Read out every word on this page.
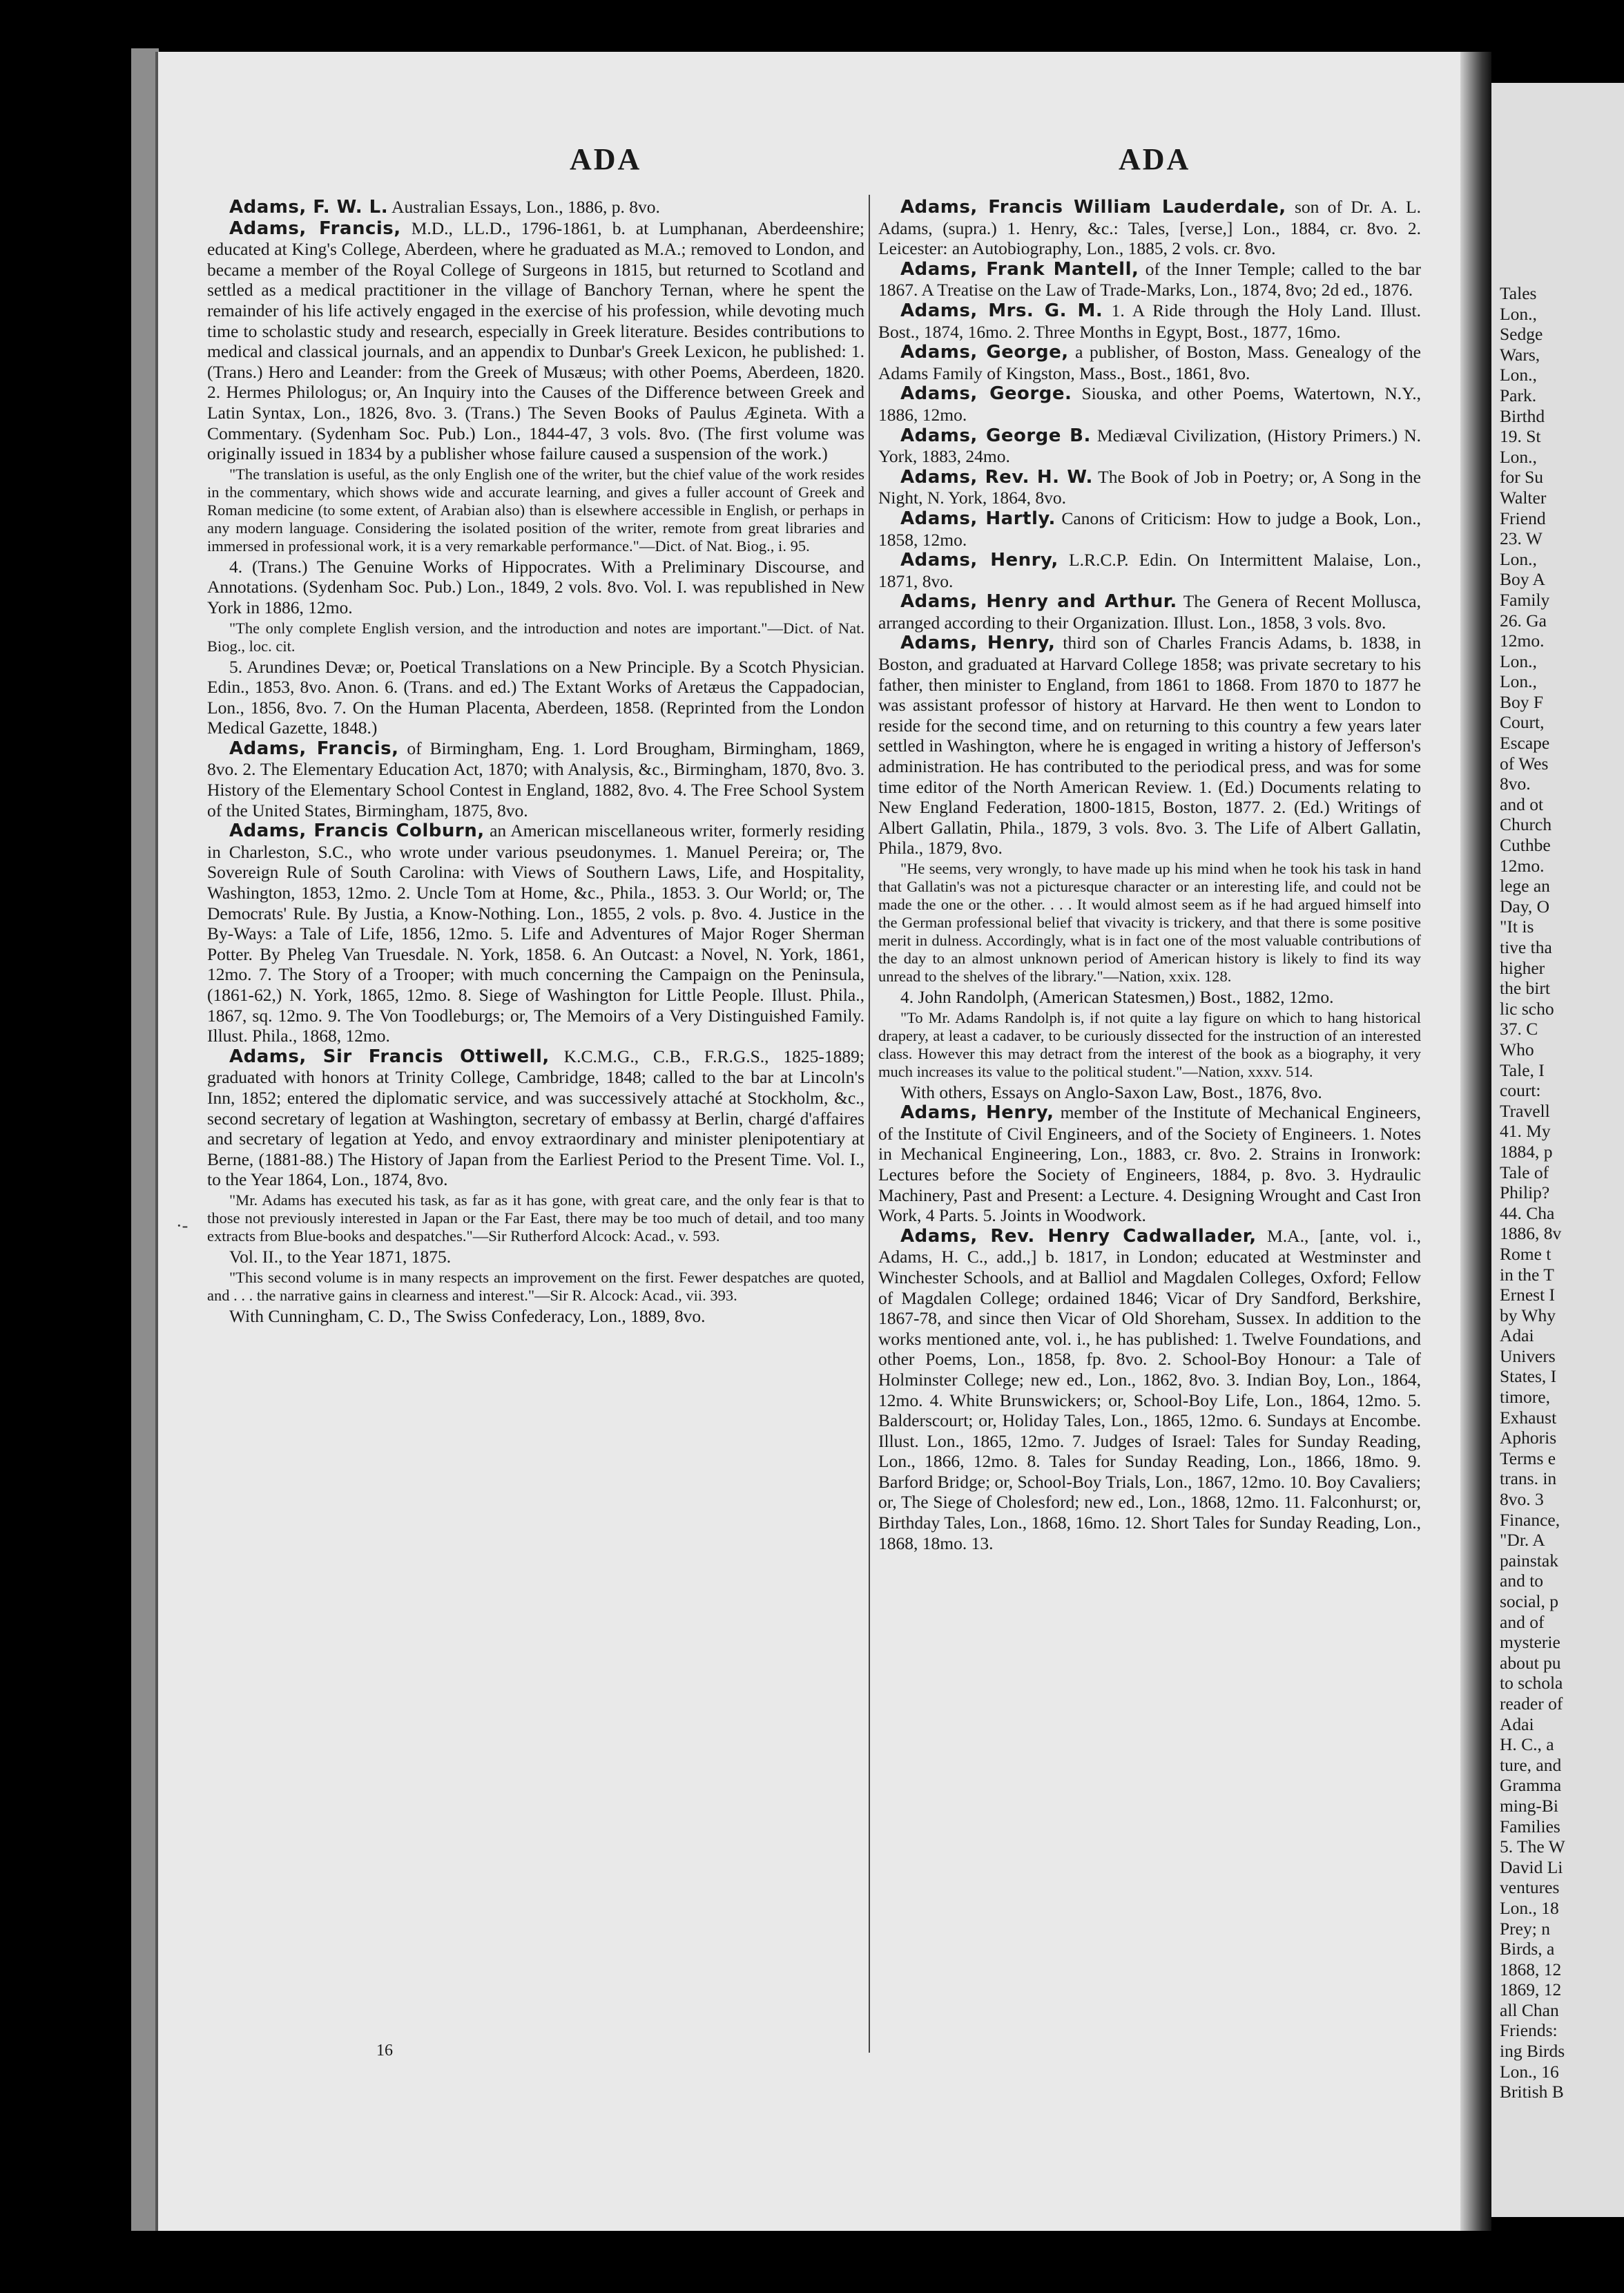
Tales
Lon.,
Sedge
Wars,
Lon.,
Park.
Birthd
19. St
Lon.,
for Su
Walter
Friend
23. W
Lon.,
Boy A
Family
26. Ga
12mo.
Lon.,
Lon.,
Boy F
Court,
Escape
of Wes
8vo.
and ot
Church
Cuthbe
12mo.
lege an
Day, O
"It is
tive tha
higher
the birt
lic scho
37. C
Who
Tale, I
court:
Travell
41. My
1884, p
Tale of
Philip?
44. Cha
1886, 8v
Rome t
in the T
Ernest I
by Why
Adai
Univers
States, I
timore,
Exhaust
Aphoris
Terms e
trans. in
8vo. 3
Finance,
"Dr. A
painstak
and to
social, p
and of
mysterie
about pu
to schola
reader of
Adai
H. C., a
ture, and
Gramma
ming-Bi
Families
5. The W
David Li
ventures
Lon., 18
Prey; n
Birds, a
1868, 12
1869, 12
all Chan
Friends:
ing Birds
Lon., 16
British B
ADA	ADA

Adams, F. W. L. Australian Essays, Lon., 1886, p. 8vo.

Adams, Francis, M.D., LL.D., 1796-1861, b. at Lumphanan, Aberdeenshire; educated at King's College, Aberdeen, where he graduated as M.A.; removed to London, and became a member of the Royal College of Surgeons in 1815, but returned to Scotland and settled as a medical practitioner in the village of Banchory Ternan, where he spent the remainder of his life actively engaged in the exercise of his profession, while devoting much time to scholastic study and research, especially in Greek literature. Besides contributions to medical and classical journals, and an appendix to Dunbar's Greek Lexicon, he published: 1. (Trans.) Hero and Leander: from the Greek of Musæus; with other Poems, Aberdeen, 1820. 2. Hermes Philologus; or, An Inquiry into the Causes of the Difference between Greek and Latin Syntax, Lon., 1826, 8vo. 3. (Trans.) The Seven Books of Paulus Ægineta. With a Commentary. (Sydenham Soc. Pub.) Lon., 1844-47, 3 vols. 8vo. (The first volume was originally issued in 1834 by a publisher whose failure caused a suspension of the work.)

"The translation is useful, as the only English one of the writer, but the chief value of the work resides in the commentary, which shows wide and accurate learning, and gives a fuller account of Greek and Roman medicine (to some extent, of Arabian also) than is elsewhere accessible in English, or perhaps in any modern language. Considering the isolated position of the writer, remote from great libraries and immersed in professional work, it is a very remarkable performance."—Dict. of Nat. Biog., i. 95.

4. (Trans.) The Genuine Works of Hippocrates. With a Preliminary Discourse, and Annotations. (Sydenham Soc. Pub.) Lon., 1849, 2 vols. 8vo. Vol. I. was republished in New York in 1886, 12mo.

"The only complete English version, and the introduction and notes are important."—Dict. of Nat. Biog., loc. cit.

5. Arundines Devæ; or, Poetical Translations on a New Principle. By a Scotch Physician. Edin., 1853, 8vo. Anon. 6. (Trans. and ed.) The Extant Works of Aretæus the Cappadocian, Lon., 1856, 8vo. 7. On the Human Placenta, Aberdeen, 1858. (Reprinted from the London Medical Gazette, 1848.)

Adams, Francis, of Birmingham, Eng. 1. Lord Brougham, Birmingham, 1869, 8vo. 2. The Elementary Education Act, 1870; with Analysis, &c., Birmingham, 1870, 8vo. 3. History of the Elementary School Contest in England, 1882, 8vo. 4. The Free School System of the United States, Birmingham, 1875, 8vo.

Adams, Francis Colburn, an American miscellaneous writer, formerly residing in Charleston, S.C., who wrote under various pseudonymes. 1. Manuel Pereira; or, The Sovereign Rule of South Carolina: with Views of Southern Laws, Life, and Hospitality, Washington, 1853, 12mo. 2. Uncle Tom at Home, &c., Phila., 1853. 3. Our World; or, The Democrats' Rule. By Justia, a Know-Nothing. Lon., 1855, 2 vols. p. 8vo. 4. Justice in the By-Ways: a Tale of Life, 1856, 12mo. 5. Life and Adventures of Major Roger Sherman Potter. By Pheleg Van Truesdale. N. York, 1858. 6. An Outcast: a Novel, N. York, 1861, 12mo. 7. The Story of a Trooper; with much concerning the Campaign on the Peninsula, (1861-62,) N. York, 1865, 12mo. 8. Siege of Washington for Little People. Illust. Phila., 1867, sq. 12mo. 9. The Von Toodleburgs; or, The Memoirs of a Very Distinguished Family. Illust. Phila., 1868, 12mo.

Adams, Sir Francis Ottiwell, K.C.M.G., C.B., F.R.G.S., 1825-1889; graduated with honors at Trinity College, Cambridge, 1848; called to the bar at Lincoln's Inn, 1852; entered the diplomatic service, and was successively attaché at Stockholm, &c., second secretary of legation at Washington, secretary of embassy at Berlin, chargé d'affaires and secretary of legation at Yedo, and envoy extraordinary and minister plenipotentiary at Berne, (1881-88.) The History of Japan from the Earliest Period to the Present Time. Vol. I., to the Year 1864, Lon., 1874, 8vo.

"Mr. Adams has executed his task, as far as it has gone, with great care, and the only fear is that to those not previously interested in Japan or the Far East, there may be too much of detail, and too many extracts from Blue-books and despatches."—Sir Rutherford Alcock: Acad., v. 593.

Vol. II., to the Year 1871, 1875.

"This second volume is in many respects an improvement on the first. Fewer despatches are quoted, and . . . the narrative gains in clearness and interest."—Sir R. Alcock: Acad., vii. 393.

With Cunningham, C. D., The Swiss Confederacy, Lon., 1889, 8vo.

Adams, Francis William Lauderdale, son of Dr. A. L. Adams, (supra.) 1. Henry, &c.: Tales, [verse,] Lon., 1884, cr. 8vo. 2. Leicester: an Autobiography, Lon., 1885, 2 vols. cr. 8vo.

Adams, Frank Mantell, of the Inner Temple; called to the bar 1867. A Treatise on the Law of Trade-Marks, Lon., 1874, 8vo; 2d ed., 1876.

Adams, Mrs. G. M. 1. A Ride through the Holy Land. Illust. Bost., 1874, 16mo. 2. Three Months in Egypt, Bost., 1877, 16mo.

Adams, George, a publisher, of Boston, Mass. Genealogy of the Adams Family of Kingston, Mass., Bost., 1861, 8vo.

Adams, George. Siouska, and other Poems, Watertown, N.Y., 1886, 12mo.

Adams, George B. Mediæval Civilization, (History Primers.) N. York, 1883, 24mo.

Adams, Rev. H. W. The Book of Job in Poetry; or, A Song in the Night, N. York, 1864, 8vo.

Adams, Hartly. Canons of Criticism: How to judge a Book, Lon., 1858, 12mo.

Adams, Henry, L.R.C.P. Edin. On Intermittent Malaise, Lon., 1871, 8vo.

Adams, Henry and Arthur. The Genera of Recent Mollusca, arranged according to their Organization. Illust. Lon., 1858, 3 vols. 8vo.

Adams, Henry, third son of Charles Francis Adams, b. 1838, in Boston, and graduated at Harvard College 1858; was private secretary to his father, then minister to England, from 1861 to 1868. From 1870 to 1877 he was assistant professor of history at Harvard. He then went to London to reside for the second time, and on returning to this country a few years later settled in Washington, where he is engaged in writing a history of Jefferson's administration. He has contributed to the periodical press, and was for some time editor of the North American Review. 1. (Ed.) Documents relating to New England Federation, 1800-1815, Boston, 1877. 2. (Ed.) Writings of Albert Gallatin, Phila., 1879, 3 vols. 8vo. 3. The Life of Albert Gallatin, Phila., 1879, 8vo.

"He seems, very wrongly, to have made up his mind when he took his task in hand that Gallatin's was not a picturesque character or an interesting life, and could not be made the one or the other. . . . It would almost seem as if he had argued himself into the German professional belief that vivacity is trickery, and that there is some positive merit in dulness. Accordingly, what is in fact one of the most valuable contributions of the day to an almost unknown period of American history is likely to find its way unread to the shelves of the library."—Nation, xxix. 128.

4. John Randolph, (American Statesmen,) Bost., 1882, 12mo.

"To Mr. Adams Randolph is, if not quite a lay figure on which to hang historical drapery, at least a cadaver, to be curiously dissected for the instruction of an interested class. However this may detract from the interest of the book as a biography, it very much increases its value to the political student."—Nation, xxxv. 514.

With others, Essays on Anglo-Saxon Law, Bost., 1876, 8vo.

Adams, Henry, member of the Institute of Mechanical Engineers, of the Institute of Civil Engineers, and of the Society of Engineers. 1. Notes in Mechanical Engineering, Lon., 1883, cr. 8vo. 2. Strains in Ironwork: Lectures before the Society of Engineers, 1884, p. 8vo. 3. Hydraulic Machinery, Past and Present: a Lecture. 4. Designing Wrought and Cast Iron Work, 4 Parts. 5. Joints in Woodwork.

Adams, Rev. Henry Cadwallader, M.A., [ante, vol. i., Adams, H. C., add.,] b. 1817, in London; educated at Westminster and Winchester Schools, and at Balliol and Magdalen Colleges, Oxford; Fellow of Magdalen College; ordained 1846; Vicar of Dry Sandford, Berkshire, 1867-78, and since then Vicar of Old Shoreham, Sussex. In addition to the works mentioned ante, vol. i., he has published: 1. Twelve Foundations, and other Poems, Lon., 1858, fp. 8vo. 2. School-Boy Honour: a Tale of Holminster College; new ed., Lon., 1862, 8vo. 3. Indian Boy, Lon., 1864, 12mo. 4. White Brunswickers; or, School-Boy Life, Lon., 1864, 12mo. 5. Balderscourt; or, Holiday Tales, Lon., 1865, 12mo. 6. Sundays at Encombe. Illust. Lon., 1865, 12mo. 7. Judges of Israel: Tales for Sunday Reading, Lon., 1866, 12mo. 8. Tales for Sunday Reading, Lon., 1866, 18mo. 9. Barford Bridge; or, School-Boy Trials, Lon., 1867, 12mo. 10. Boy Cavaliers; or, The Siege of Cholesford; new ed., Lon., 1868, 12mo. 11. Falconhurst; or, Birthday Tales, Lon., 1868, 16mo. 12. Short Tales for Sunday Reading, Lon., 1868, 18mo. 13.

16
·-
